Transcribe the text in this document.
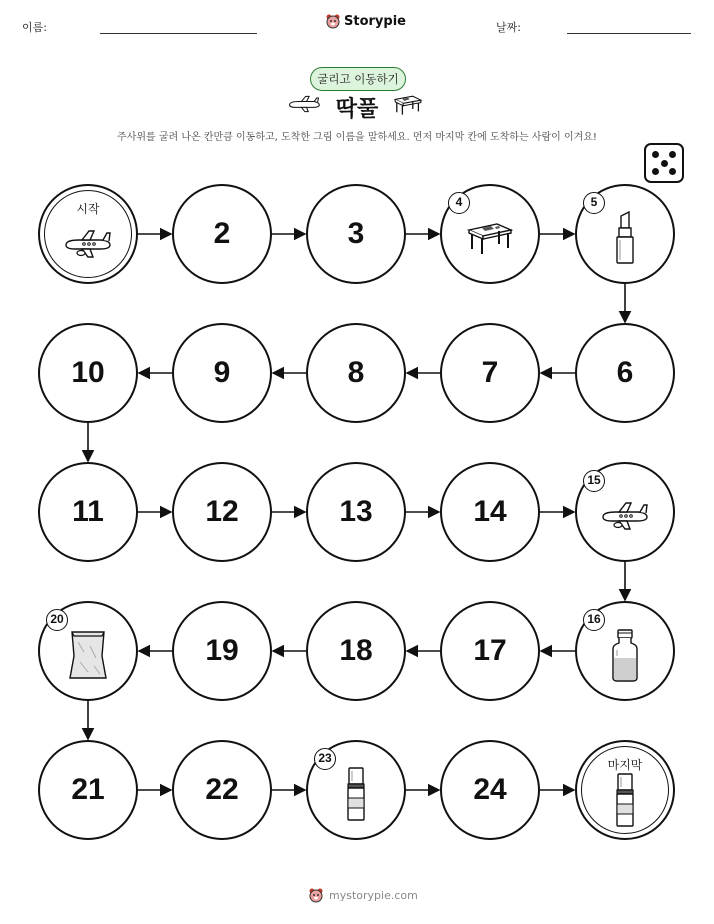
이름:	Storypie	날짜:
굴리고 이동하기
딱풀
주사위를 굴려 나온 칸만큼 이동하고, 도착한 그림 이름을 말하세요. 먼저 마지막 칸에 도착하는 사람이 이겨요!
시작
2	3
4	5
6
7
8
9
10
11	12	13	14
15
16
17
18
19
20
21	22
23
24
마지막
mystorypie.com
